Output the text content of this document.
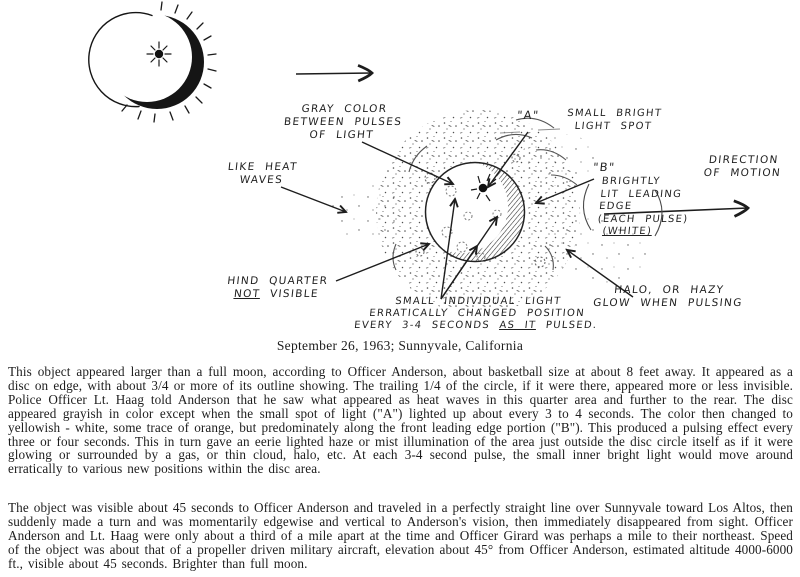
GRAY COLOR
BETWEEN PULSES
OF LIGHT
"A"	SMALL BRIGHT
LIGHT SPOT
LIKE HEAT
WAVES
"B"
BRIGHTLY
LIT LEADING
EDGE
(EACH PULSE)
(WHITE)
DIRECTION
OF MOTION
HIND QUARTER
NOT VISIBLE
SMALL INDIVIDUAL LIGHT
ERRATICALLY CHANGED POSITION
EVERY 3-4 SECONDS AS IT PULSED.
HALO, OR HAZY
GLOW WHEN PULSING
September 26, 1963; Sunnyvale, California

This object appeared larger than a full moon, according to Officer Anderson, about basketball size at about 8 feet away. It appeared as a disc on edge, with about 3/4 or more of its outline showing. The trailing 1/4 of the circle, if it were there, appeared more or less invisible. Police Officer Lt. Haag told Anderson that he saw what appeared as heat waves in this quarter area and further to the rear. The disc appeared grayish in color except when the small spot of light ("A") lighted up about every 3 to 4 seconds. The color then changed to yellowish - white, some trace of orange, but predominately along the front leading edge portion ("B"). This produced a pulsing effect every three or four seconds. This in turn gave an eerie lighted haze or mist illumination of the area just outside the disc circle itself as if it were glowing or surrounded by a gas, or thin cloud, halo, etc. At each 3-4 second pulse, the small inner bright light would move around erratically to various new positions within the disc area.

The object was visible about 45 seconds to Officer Anderson and traveled in a perfectly straight line over Sunnyvale toward Los Altos, then suddenly made a turn and was momentarily edgewise and vertical to Anderson's vision, then immediately disappeared from sight. Officer Anderson and Lt. Haag were only about a third of a mile apart at the time and Officer Girard was perhaps a mile to their northeast. Speed of the object was about that of a propeller driven military aircraft, elevation about 45° from Officer Anderson, estimated altitude 4000-6000 ft., visible about 45 seconds. Brighter than full moon.
